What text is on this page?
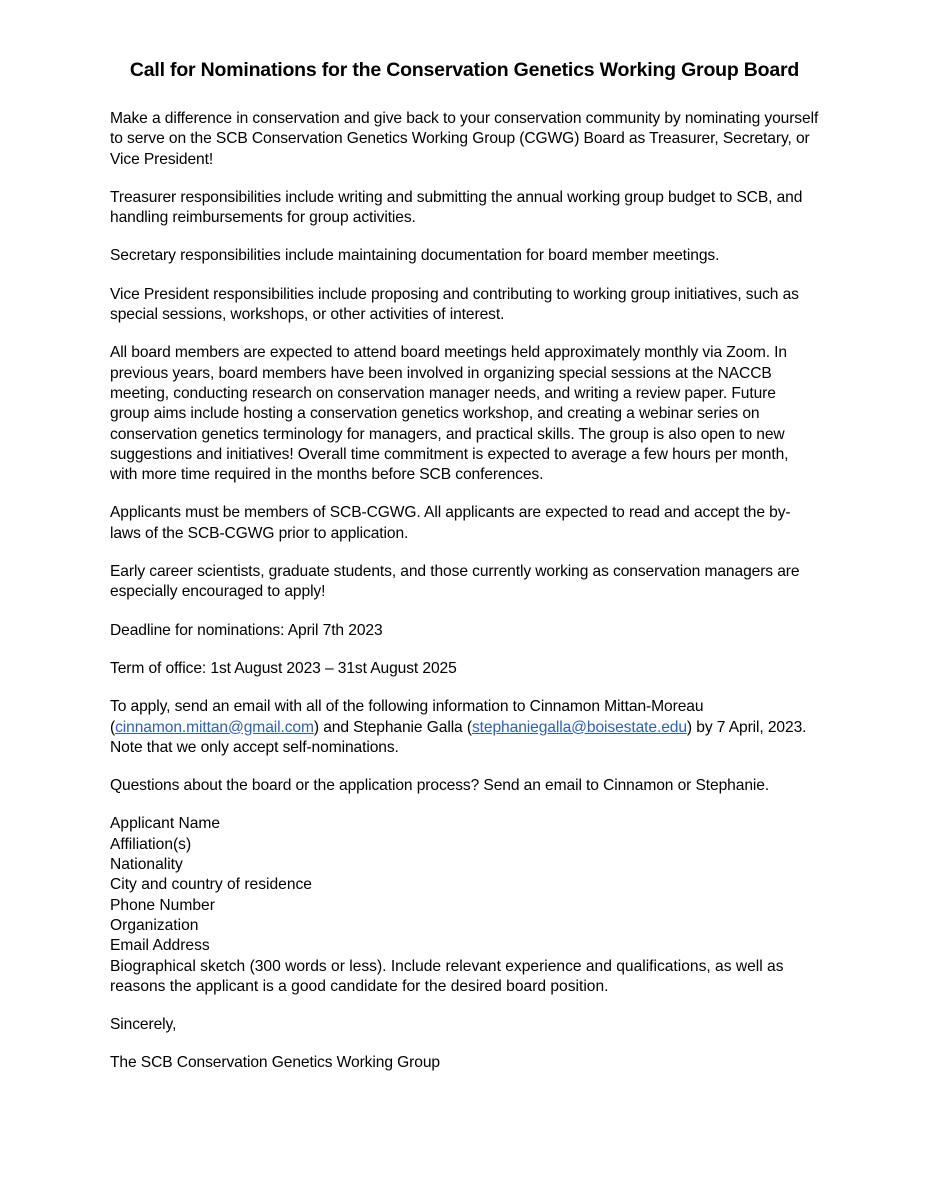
Call for Nominations for the Conservation Genetics Working Group Board

Make a difference in conservation and give back to your conservation community by nominating yourself to serve on the SCB Conservation Genetics Working Group (CGWG) Board as Treasurer, Secretary, or Vice President!

Treasurer responsibilities include writing and submitting the annual working group budget to SCB, and handling reimbursements for group activities.

Secretary responsibilities include maintaining documentation for board member meetings.

Vice President responsibilities include proposing and contributing to working group initiatives, such as special sessions, workshops, or other activities of interest.

All board members are expected to attend board meetings held approximately monthly via Zoom. In previous years, board members have been involved in organizing special sessions at the NACCB meeting, conducting research on conservation manager needs, and writing a review paper. Future group aims include hosting a conservation genetics workshop, and creating a webinar series on conservation genetics terminology for managers, and practical skills. The group is also open to new suggestions and initiatives! Overall time commitment is expected to average a few hours per month, with more time required in the months before SCB conferences.

Applicants must be members of SCB-CGWG. All applicants are expected to read and accept the by-laws of the SCB-CGWG prior to application.

Early career scientists, graduate students, and those currently working as conservation managers are especially encouraged to apply!

Deadline for nominations: April 7th 2023

Term of office: 1st August 2023 – 31st August 2025

To apply, send an email with all of the following information to Cinnamon Mittan-Moreau (cinnamon.mittan@gmail.com) and Stephanie Galla (stephaniegalla@boisestate.edu) by 7 April, 2023. Note that we only accept self-nominations.

Questions about the board or the application process? Send an email to Cinnamon or Stephanie.

Applicant Name
Affiliation(s)
Nationality
City and country of residence
Phone Number
Organization
Email Address
Biographical sketch (300 words or less). Include relevant experience and qualifications, as well as reasons the applicant is a good candidate for the desired board position.

Sincerely,

The SCB Conservation Genetics Working Group
